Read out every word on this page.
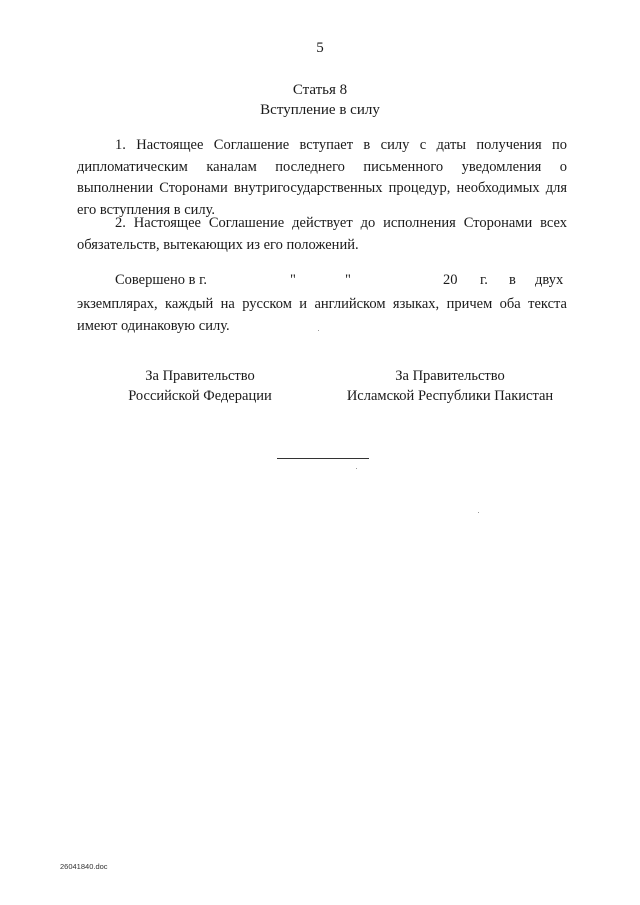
5
Статья 8
Вступление в силу

1. Настоящее Соглашение вступает в силу с даты получения по дипломатическим каналам последнего письменного уведомления о выполнении Сторонами внутригосударственных процедур, необходимых для его вступления в силу.

2. Настоящее Соглашение действует до исполнения Сторонами всех обязательств, вытекающих из его положений.

Совершено в г.	"	"	20 г. в двух

экземплярах, каждый на русском и английском языках, причем оба текста имеют одинаковую силу.

За Правительство
Российской Федерации
За Правительство
Исламской Республики Пакистан
26041840.doc
